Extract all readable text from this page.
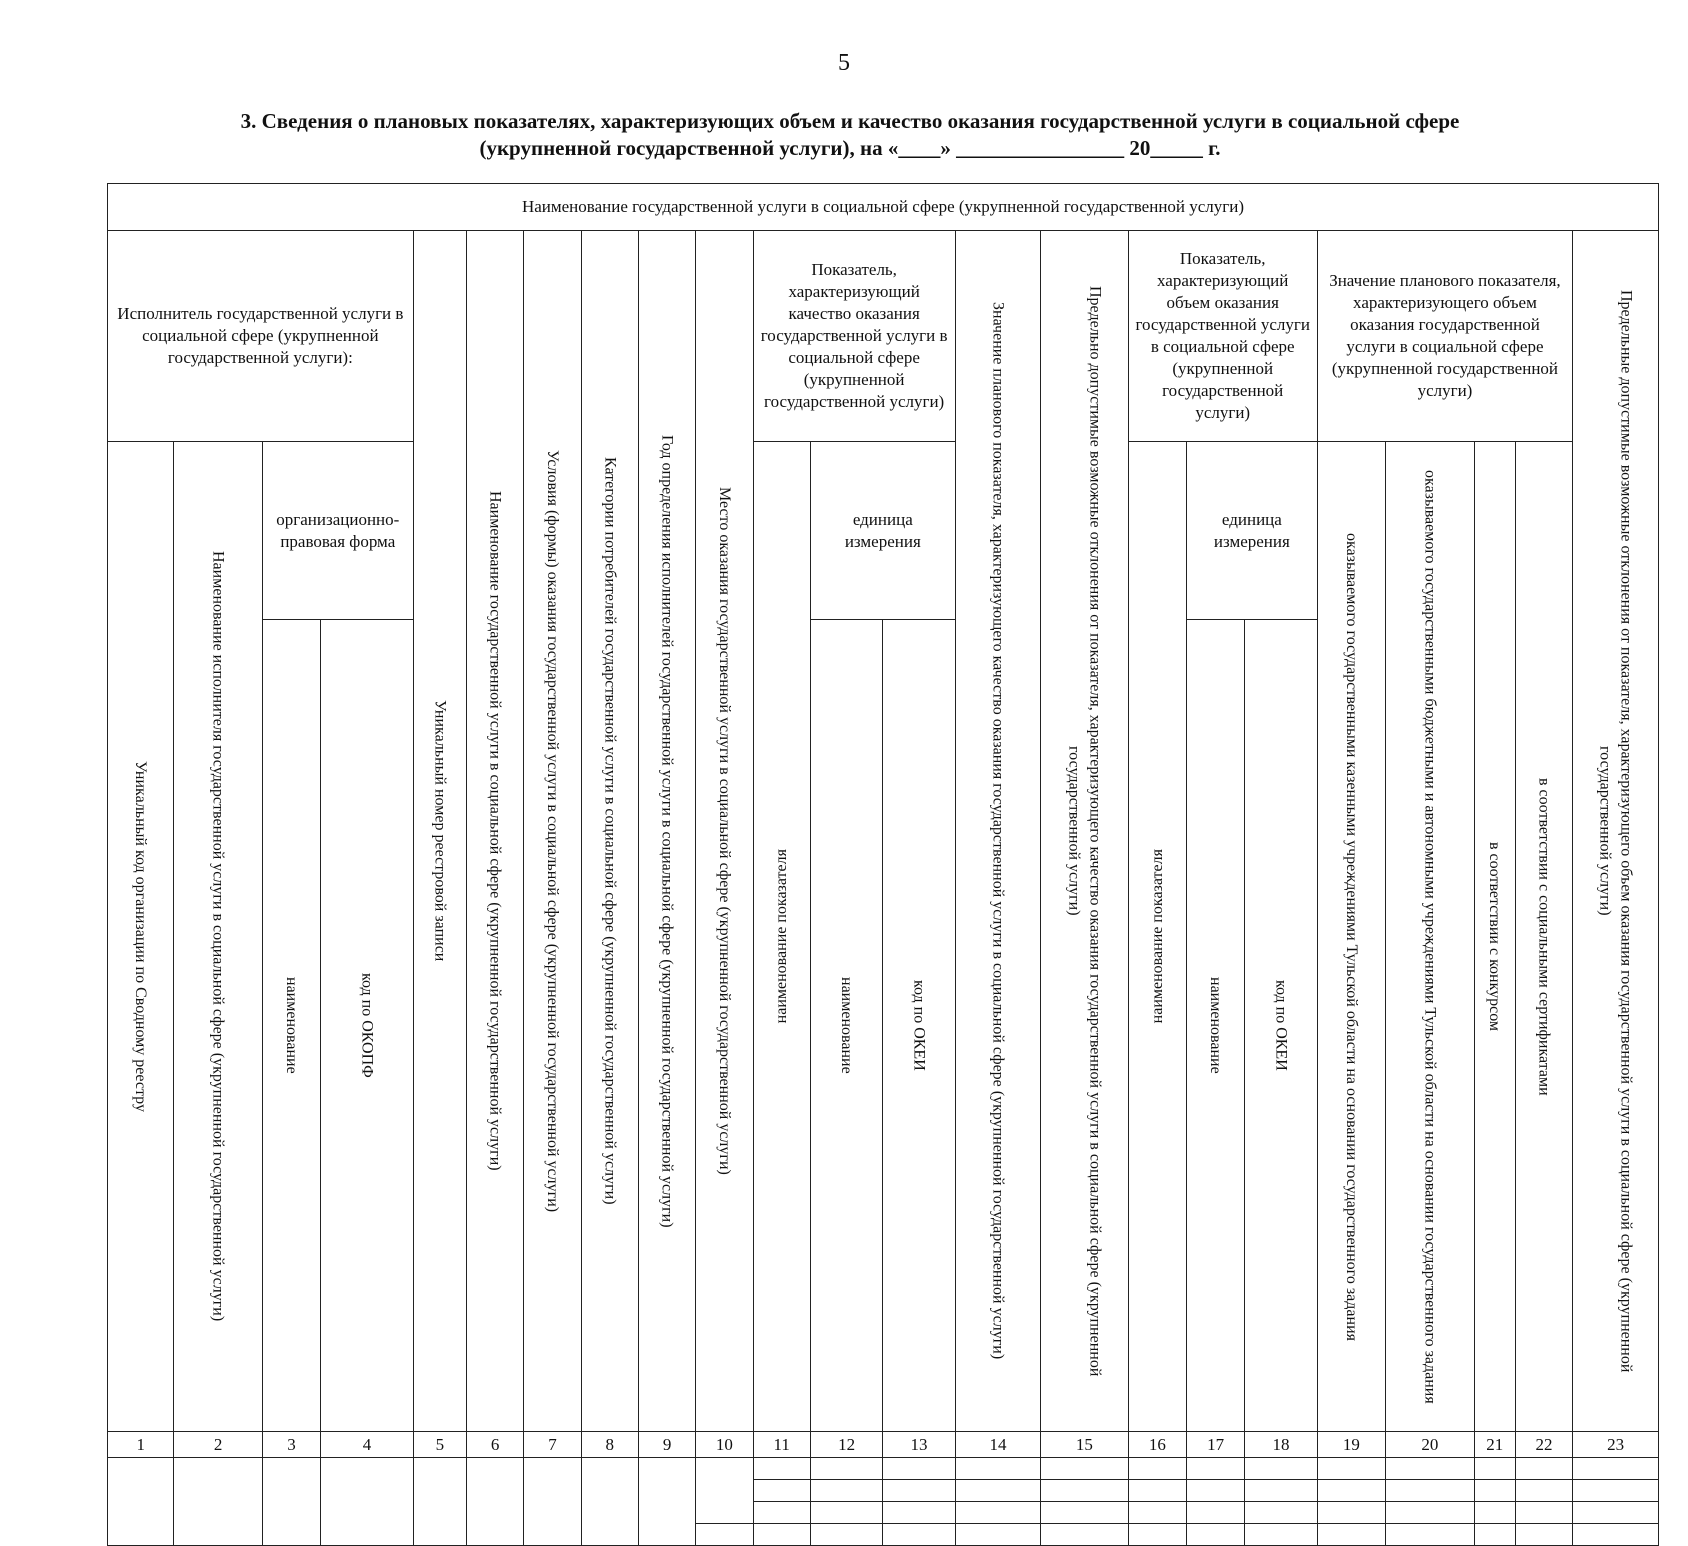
5
3. Сведения о плановых показателях, характеризующих объем и качество оказания государственной услуги в социальной сфере
(укрупненной государственной услуги), на «____» ________________ 20_____ г.
Наименование государственной услуги в социальной сфере (укрупненной государственной услуги)																						
Исполнитель государственной услуги в социальной сфере (укрупненной государственной услуги):				Уникальный номер реестровой записи	Наименование государственной услуги в социальной сфере (укрупненной государственной услуги)	Условия (формы) оказания государственной услуги в социальной сфере (укрупненной государственной услуги)	Категории потребителей государственной услуги в социальной сфере (укрупненной государственной услуги)	Год определения исполнителей государственной услуги в социальной сфере (укрупненной государственной услуги)	Место оказания государственной услуги в социальной сфере (укрупненной государственной услуги)	Показатель, характеризующий качество оказания государственной услуги в социальной сфере (укрупненной государственной услуги)			Значение планового показателя, характеризующего качество оказания государственной услуги в социальной сфере (укрупненной государственной услуги)	Предельно допустимые возможные отклонения от показателя, характеризующего качество оказания государственной услуги в социальной сфере (укрупненной государственной услуги)	Показатель, характеризующий объем оказания государственной услуги в социальной сфере (укрупненной государственной услуги)			Значение планового показателя, характеризующего объем оказания государственной услуги в социальной сфере (укрупненной государственной услуги)				Предельные допустимые возможные отклонения от показателя, характеризующего объем оказания государственной услуги в социальной сфере (укрупненной государственной услуги)

Уникальный код организации по Сводному реестру	Наименование исполнителя государственной услуги в социальной сфере (укрупненной государственной услуги)	организационно-правовая форма								наименование показателя	единица измерения				наименование показателя	единица измерения		оказываемого государственными казенными учреждениями Тульской области на основании государственного задания	оказываемого государственными бюджетными и автономными учреждениями Тульской области на основании государственного задания	в соответствии с конкурсом	в соответствии с социальными сертификатами	

		наименование	код по ОКОПФ								наименование	код по ОКЕИ				наименование	код по ОКЕИ					

1	2	3	4	5	6	7	8	9	10	11	12	13	14	15	16	17	18	19	20	21	22	23
